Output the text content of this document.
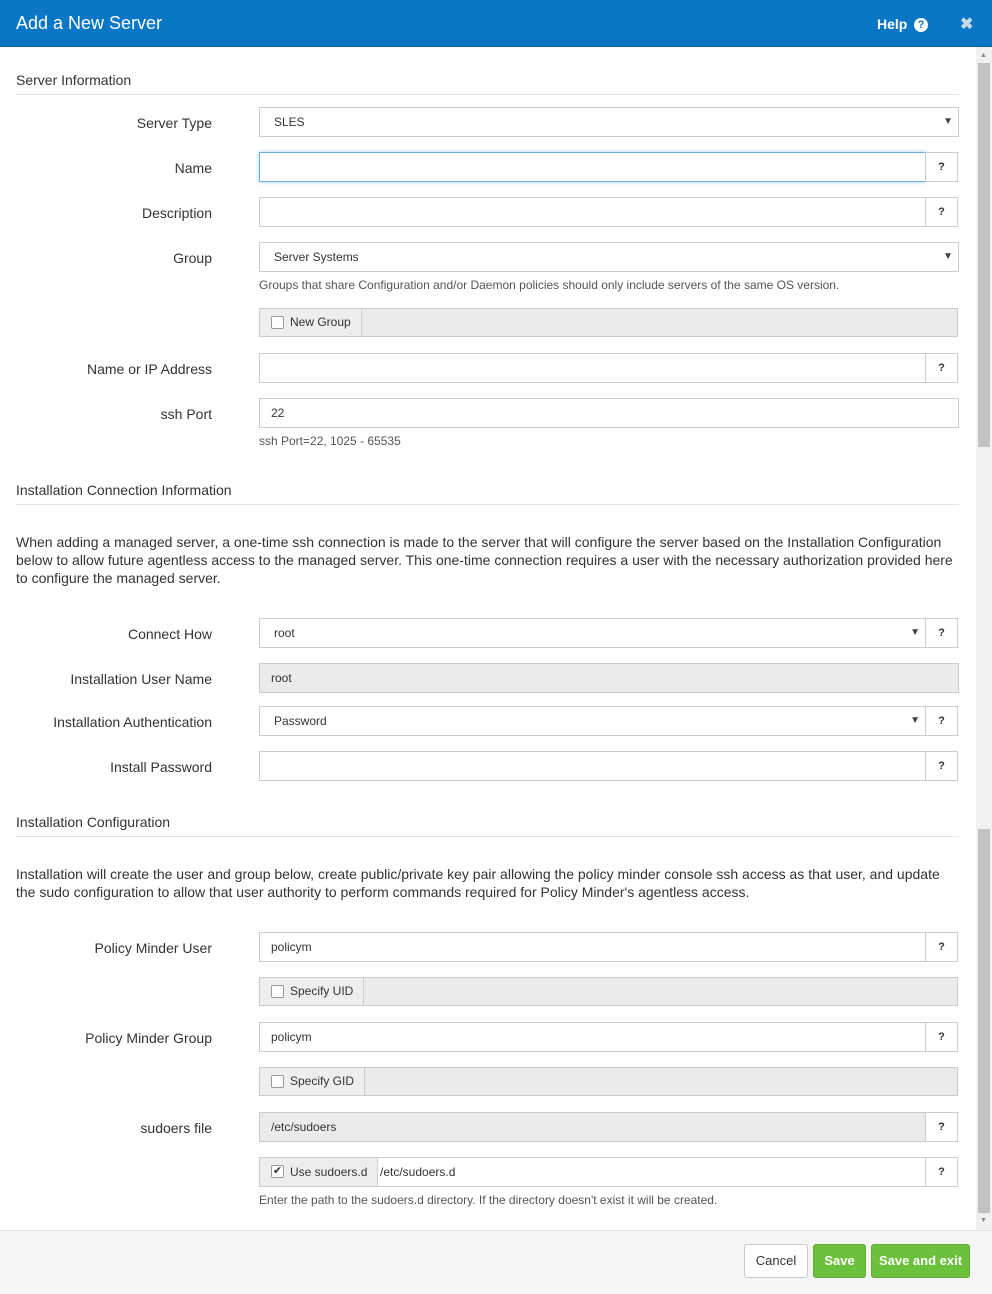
Add a New Server	Help ? ✖
▲
▼
Server Information
Server Type	SLES	▼
Name	?
Description	?
Group	Server Systems	▼
Groups that share Configuration and/or Daemon policies should only include servers of the same OS version.
New Group
Name or IP Address	?
ssh Port	22
ssh Port=22, 1025 - 65535
Installation Connection Information
When adding a managed server, a one-time ssh connection is made to the server that will configure the server based on the Installation Configuration below to allow future agentless access to the managed server. This one-time connection requires a user with the necessary authorization provided here to configure the managed server.
Connect How	root	▼	?
Installation User Name	root
Installation Authentication	Password	▼	?
Install Password	?
Installation Configuration
Installation will create the user and group below, create public/private key pair allowing the policy minder console ssh access as that user, and update the sudo configuration to allow that user authority to perform commands required for Policy Minder's agentless access.
Policy Minder User	policym	?
Specify UID
Policy Minder Group	policym	?
Specify GID
sudoers file	/etc/sudoers	?
✔ Use sudoers.d	/etc/sudoers.d	?
Enter the path to the sudoers.d directory. If the directory doesn't exist it will be created.
Cancel	Save	Save and exit
